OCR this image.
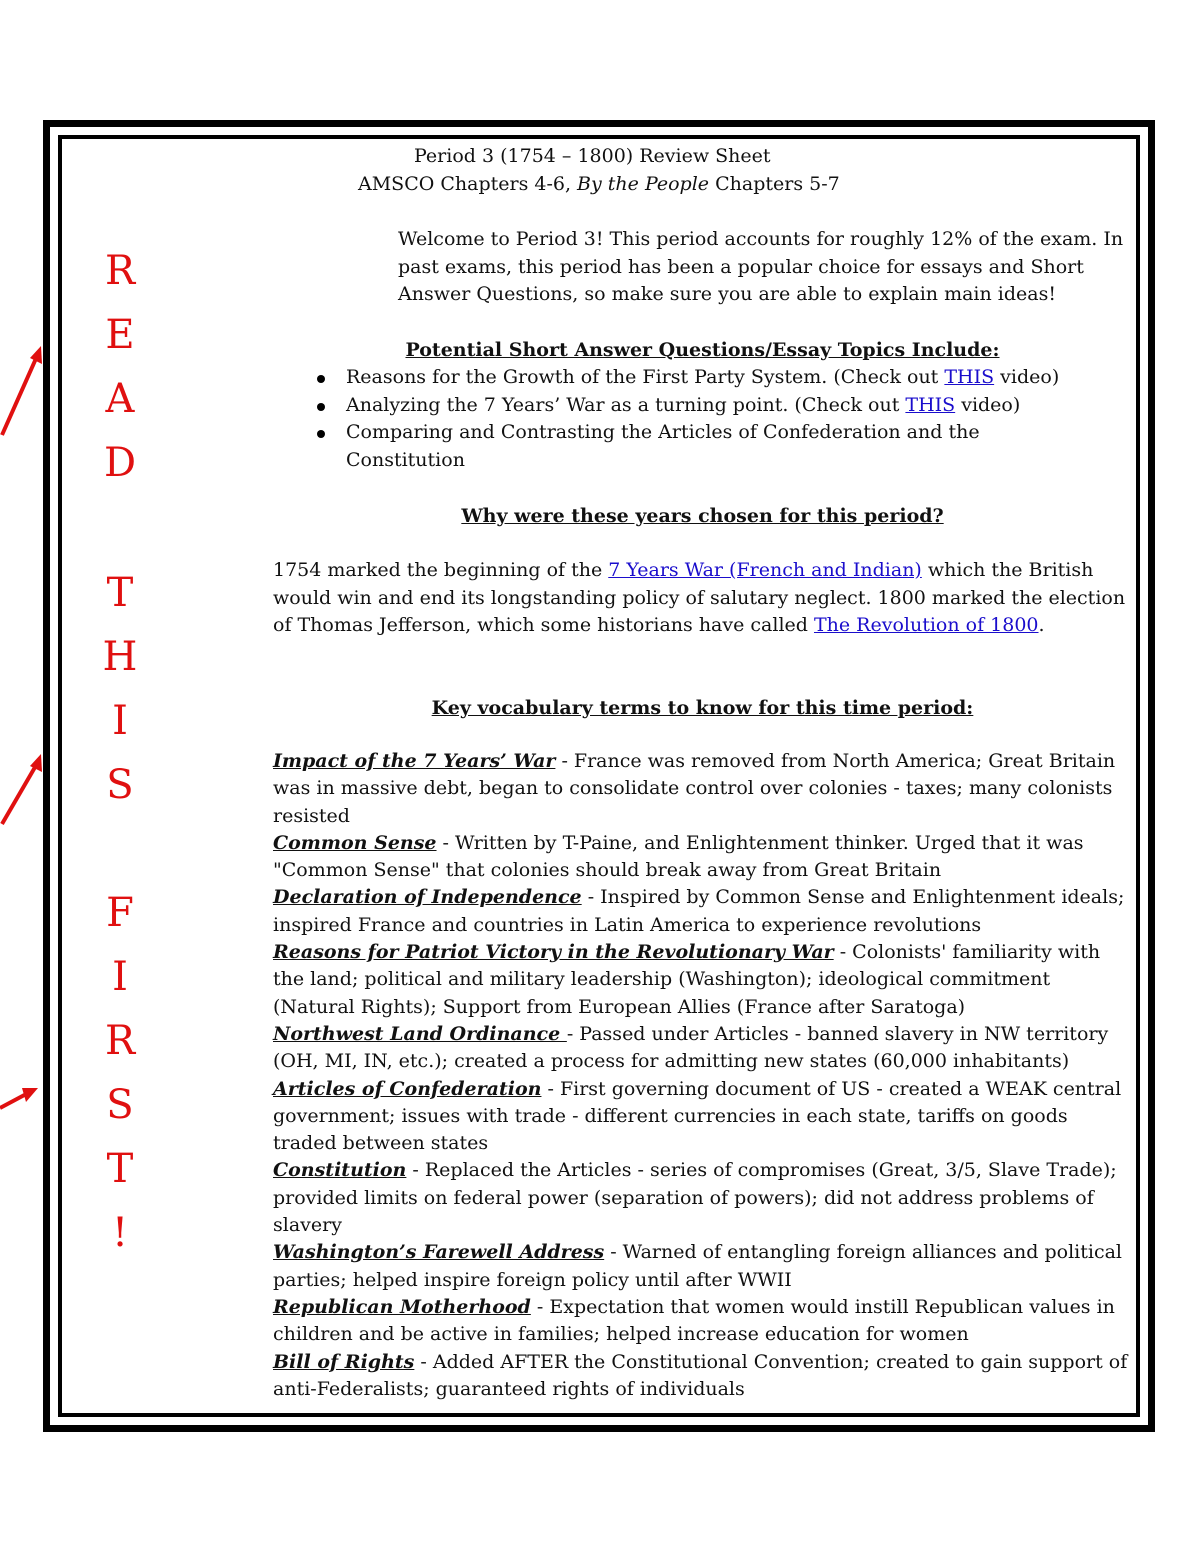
Period 3 (1754 – 1800) Review Sheet
AMSCO Chapters 4-6, By the People Chapters 5-7
Welcome to Period 3! This period accounts for roughly 12% of the exam. In past exams, this period has been a popular choice for essays and Short Answer Questions, so make sure you are able to explain main ideas!
Potential Short Answer Questions/Essay Topics Include:
Reasons for the Growth of the First Party System. (Check out THIS video)
Analyzing the 7 Years’ War as a turning point. (Check out THIS video)
Comparing and Contrasting the Articles of Confederation and the Constitution
Why were these years chosen for this period?
1754 marked the beginning of the 7 Years War (French and Indian) which the British would win and end its longstanding policy of salutary neglect. 1800 marked the election of Thomas Jefferson, which some historians have called The Revolution of 1800.
Key vocabulary terms to know for this time period:

Impact of the 7 Years’ War - France was removed from North America; Great Britain was in massive debt, began to consolidate control over colonies - taxes; many colonists resisted

Common Sense - Written by T-Paine, and Enlightenment thinker. Urged that it was "Common Sense" that colonies should break away from Great Britain

Declaration of Independence - Inspired by Common Sense and Enlightenment ideals; inspired France and countries in Latin America to experience revolutions

Reasons for Patriot Victory in the Revolutionary War - Colonists' familiarity with the land; political and military leadership (Washington); ideological commitment (Natural Rights); Support from European Allies (France after Saratoga)

Northwest Land Ordinance - Passed under Articles - banned slavery in NW territory (OH, MI, IN, etc.); created a process for admitting new states (60,000 inhabitants)

Articles of Confederation - First governing document of US - created a WEAK central government; issues with trade - different currencies in each state, tariffs on goods traded between states

Constitution - Replaced the Articles - series of compromises (Great, 3/5, Slave Trade); provided limits on federal power (separation of powers); did not address problems of slavery

Washington’s Farewell Address - Warned of entangling foreign alliances and political parties; helped inspire foreign policy until after WWII

Republican Motherhood - Expectation that women would instill Republican values in children and be active in families; helped increase education for women

Bill of Rights - Added AFTER the Constitutional Convention; created to gain support of anti-Federalists; guaranteed rights of individuals

R
E
A
D
T
H
I
S
F
I
R
S
T
!
